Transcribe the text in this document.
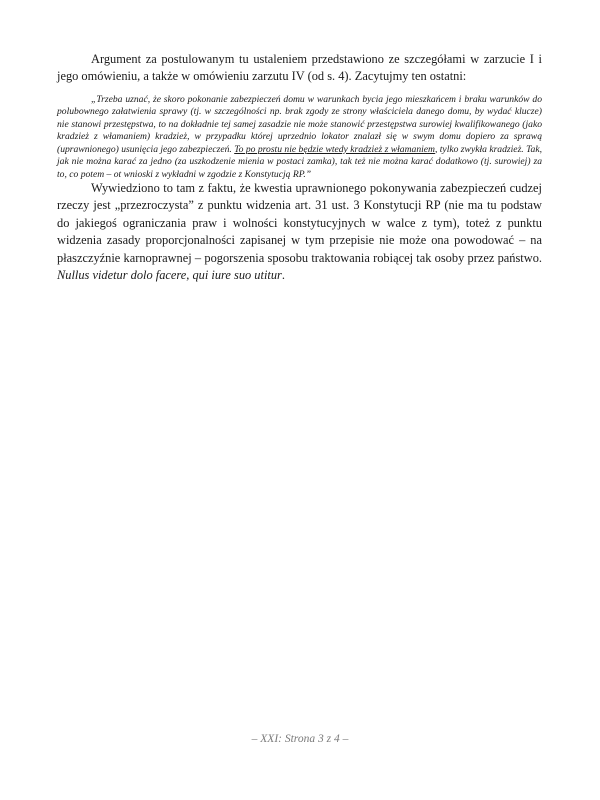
Argument za postulowanym tu ustaleniem przedstawiono ze szczegółami w zarzucie I i jego omówieniu, a także w omówieniu zarzutu IV (od s. 4). Zacytujmy ten ostatni:

„Trzeba uznać, że skoro pokonanie zabezpieczeń domu w warunkach bycia jego mieszkańcem i braku warunków do polubownego załatwienia sprawy (tj. w szczególności np. brak zgody ze strony właściciela danego domu, by wydać klucze) nie stanowi przestępstwa, to na dokładnie tej samej zasadzie nie może stanowić przestępstwa surowiej kwalifikowanego (jako kradzież z włamaniem) kradzież, w przypadku której uprzednio lokator znalazł się w swym domu dopiero za sprawą (uprawnionego) usunięcia jego zabezpieczeń. To po prostu nie będzie wtedy kradzież z włamaniem, tylko zwykła kradzież. Tak, jak nie można karać za jedno (za uszkodzenie mienia w postaci zamka), tak też nie można karać dodatkowo (tj. surowiej) za to, co potem – ot wnioski z wykładni w zgodzie z Konstytucją RP.”

Wywiedziono to tam z faktu, że kwestia uprawnionego pokonywania zabezpieczeń cudzej rzeczy jest „przezroczysta” z punktu widzenia art. 31 ust. 3 Konstytucji RP (nie ma tu podstaw do jakiegoś ograniczania praw i wolności konstytucyjnych w walce z tym), toteż z punktu widzenia zasady proporcjonalności zapisanej w tym przepisie nie może ona powodować – na płaszczyźnie karnoprawnej – pogorszenia sposobu traktowania robiącej tak osoby przez państwo. Nullus videtur dolo facere, qui iure suo utitur.

– XXI: Strona 3 z 4 –
